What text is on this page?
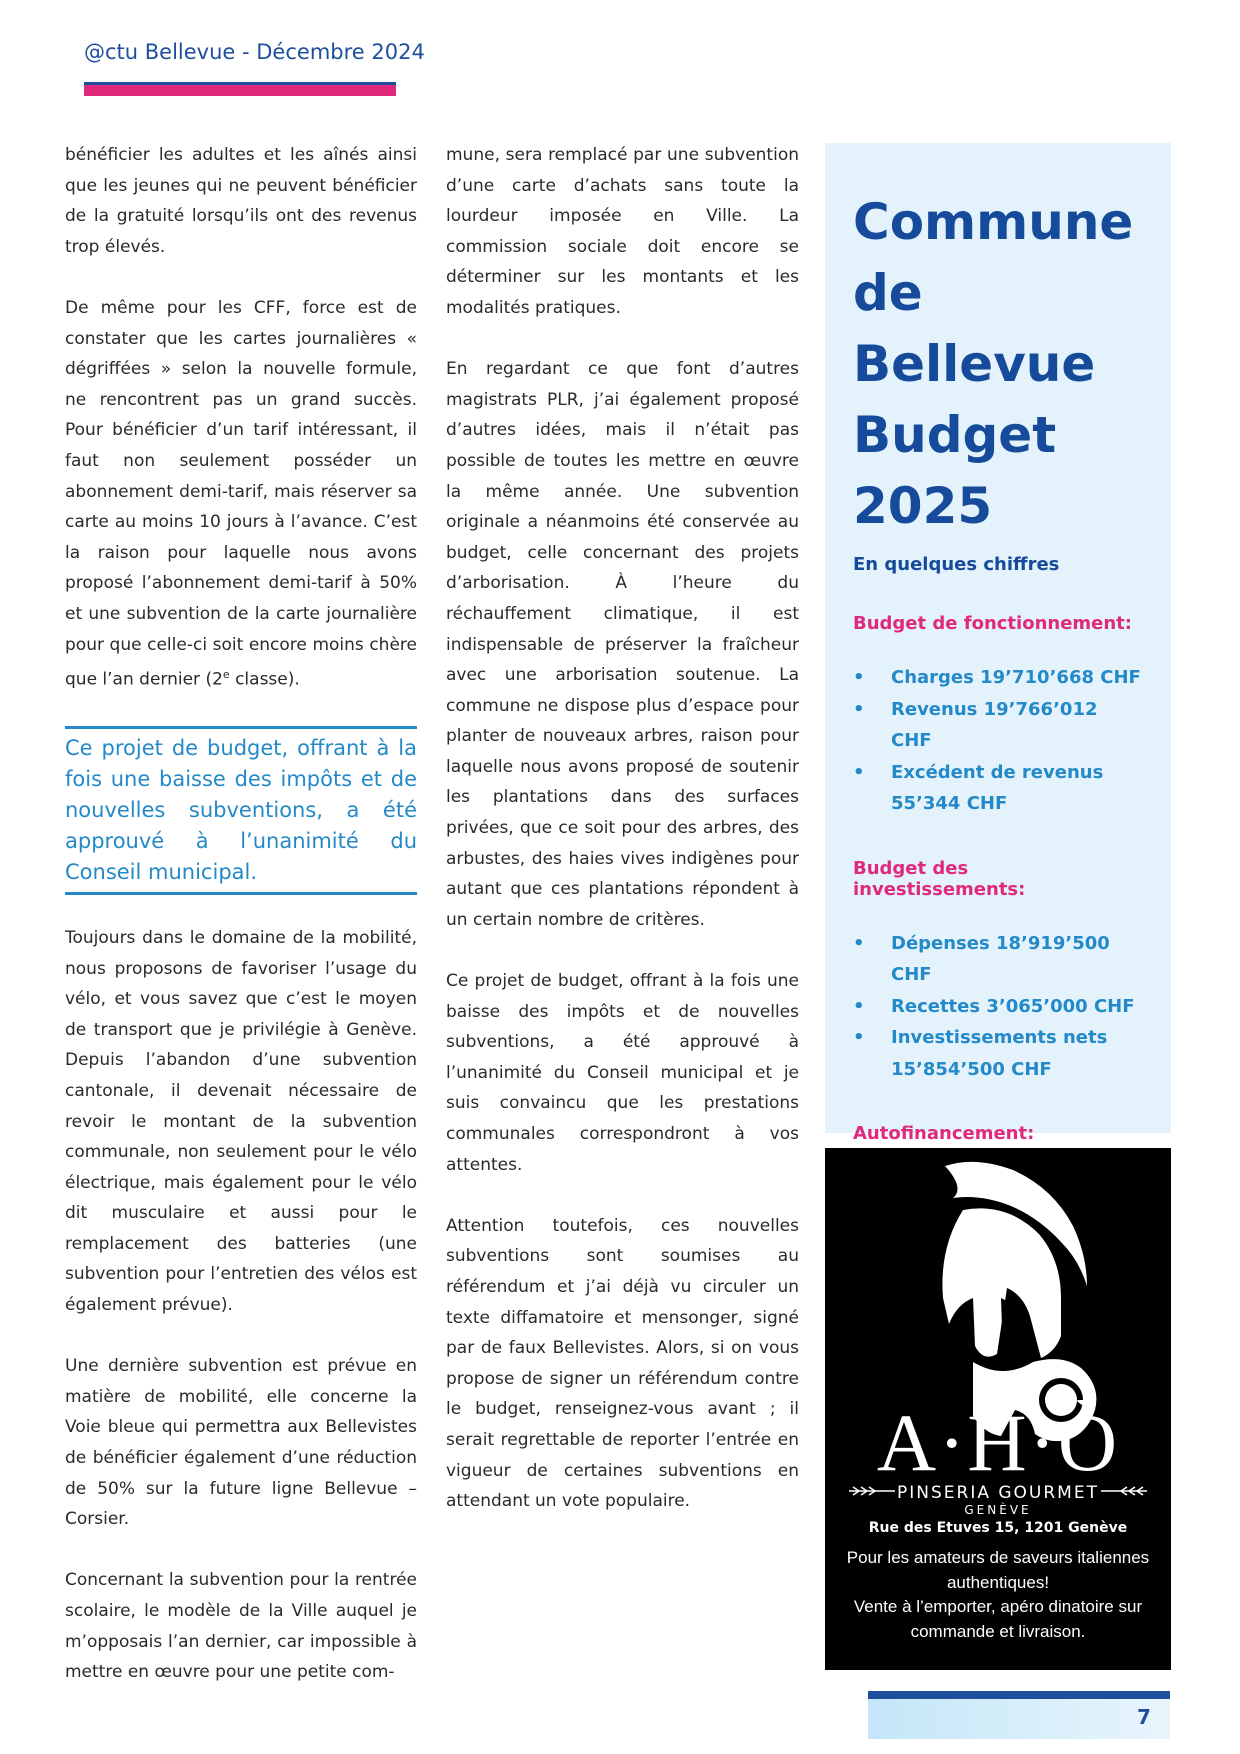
@ctu Bellevue - Décembre 2024

bénéficier les adultes et les aînés ainsi que les jeunes qui ne peuvent bénéficier de la gratuité lorsqu’ils ont des revenus trop élevés.

De même pour les CFF, force est de constater que les cartes journalières « dégriffées » selon la nouvelle formule, ne rencontrent pas un grand succès. Pour bénéficier d’un tarif intéressant, il faut non seulement posséder un abonnement demi-tarif, mais réserver sa carte au moins 10 jours à l’avance. C’est la raison pour laquelle nous avons proposé l’abonnement demi-tarif à 50% et une subvention de la carte journalière pour que celle-ci soit encore moins chère que l’an dernier (2e classe).

Ce projet de budget, offrant à la fois une baisse des impôts et de nouvelles subventions, a été approuvé à l’unanimité du Conseil municipal.

Toujours dans le domaine de la mobilité, nous proposons de favoriser l’usage du vélo, et vous savez que c’est le moyen de transport que je privilégie à Genève. Depuis l’abandon d’une subvention cantonale, il devenait nécessaire de revoir le montant de la subvention communale, non seulement pour le vélo électrique, mais également pour le vélo dit musculaire et aussi pour le remplacement des batteries (une subvention pour l’entretien des vélos est également prévue).

Une dernière subvention est prévue en matière de mobilité, elle concerne la Voie bleue qui permettra aux Bellevistes de bénéficier également d’une réduction de 50% sur la future ligne Bellevue – Corsier.

Concernant la subvention pour la rentrée scolaire, le modèle de la Ville auquel je m’opposais l’an dernier, car impossible à mettre en œuvre pour une petite com-

mune, sera remplacé par une subvention d’une carte d’achats sans toute la lourdeur imposée en Ville. La commission sociale doit encore se déterminer sur les montants et les modalités pratiques.

En regardant ce que font d’autres magistrats PLR, j’ai également proposé d’autres idées, mais il n’était pas possible de toutes les mettre en œuvre la même année. Une subvention originale a néanmoins été conservée au budget, celle concernant des projets d’arborisation. À l’heure du réchauffement climatique, il est indispensable de préserver la fraîcheur avec une arborisation soutenue. La commune ne dispose plus d’espace pour planter de nouveaux arbres, raison pour laquelle nous avons proposé de soutenir les plantations dans des surfaces privées, que ce soit pour des arbres, des arbustes, des haies vives indigènes pour autant que ces plantations répondent à un certain nombre de critères.

Ce projet de budget, offrant à la fois une baisse des impôts et de nouvelles subventions, a été approuvé à l’unanimité du Conseil municipal et je suis convaincu que les prestations communales correspondront à vos attentes.

Attention toutefois, ces nouvelles subventions sont soumises au référendum et j’ai déjà vu circuler un texte diffamatoire et mensonger, signé par de faux Bellevistes. Alors, si on vous propose de signer un référendum contre le budget, renseignez-vous avant ; il serait regrettable de reporter l’entrée en vigueur de certaines subventions en attendant un vote populaire.

Commune
de Bellevue
Budget 2025
En quelques chiffres
Budget de fonctionnement:
• Charges 19’710’668 CHF
• Revenus 19’766’012 CHF
• Excédent de revenus 55’344 CHF
Budget des investissements:
• Dépenses 18’919’500 CHF
• Recettes 3’065’000 CHF
• Investissements nets 15’854’500 CHF
Autofinancement:
A·H·Ò
PINSERIA GOURMET
Pour les amateurs de saveurs italiennes
authentiques!
Vente à l’emporter, apéro dinatoire sur
commande et livraison.
GENÈVE
Rue des Etuves 15, 1201 Genève
7
